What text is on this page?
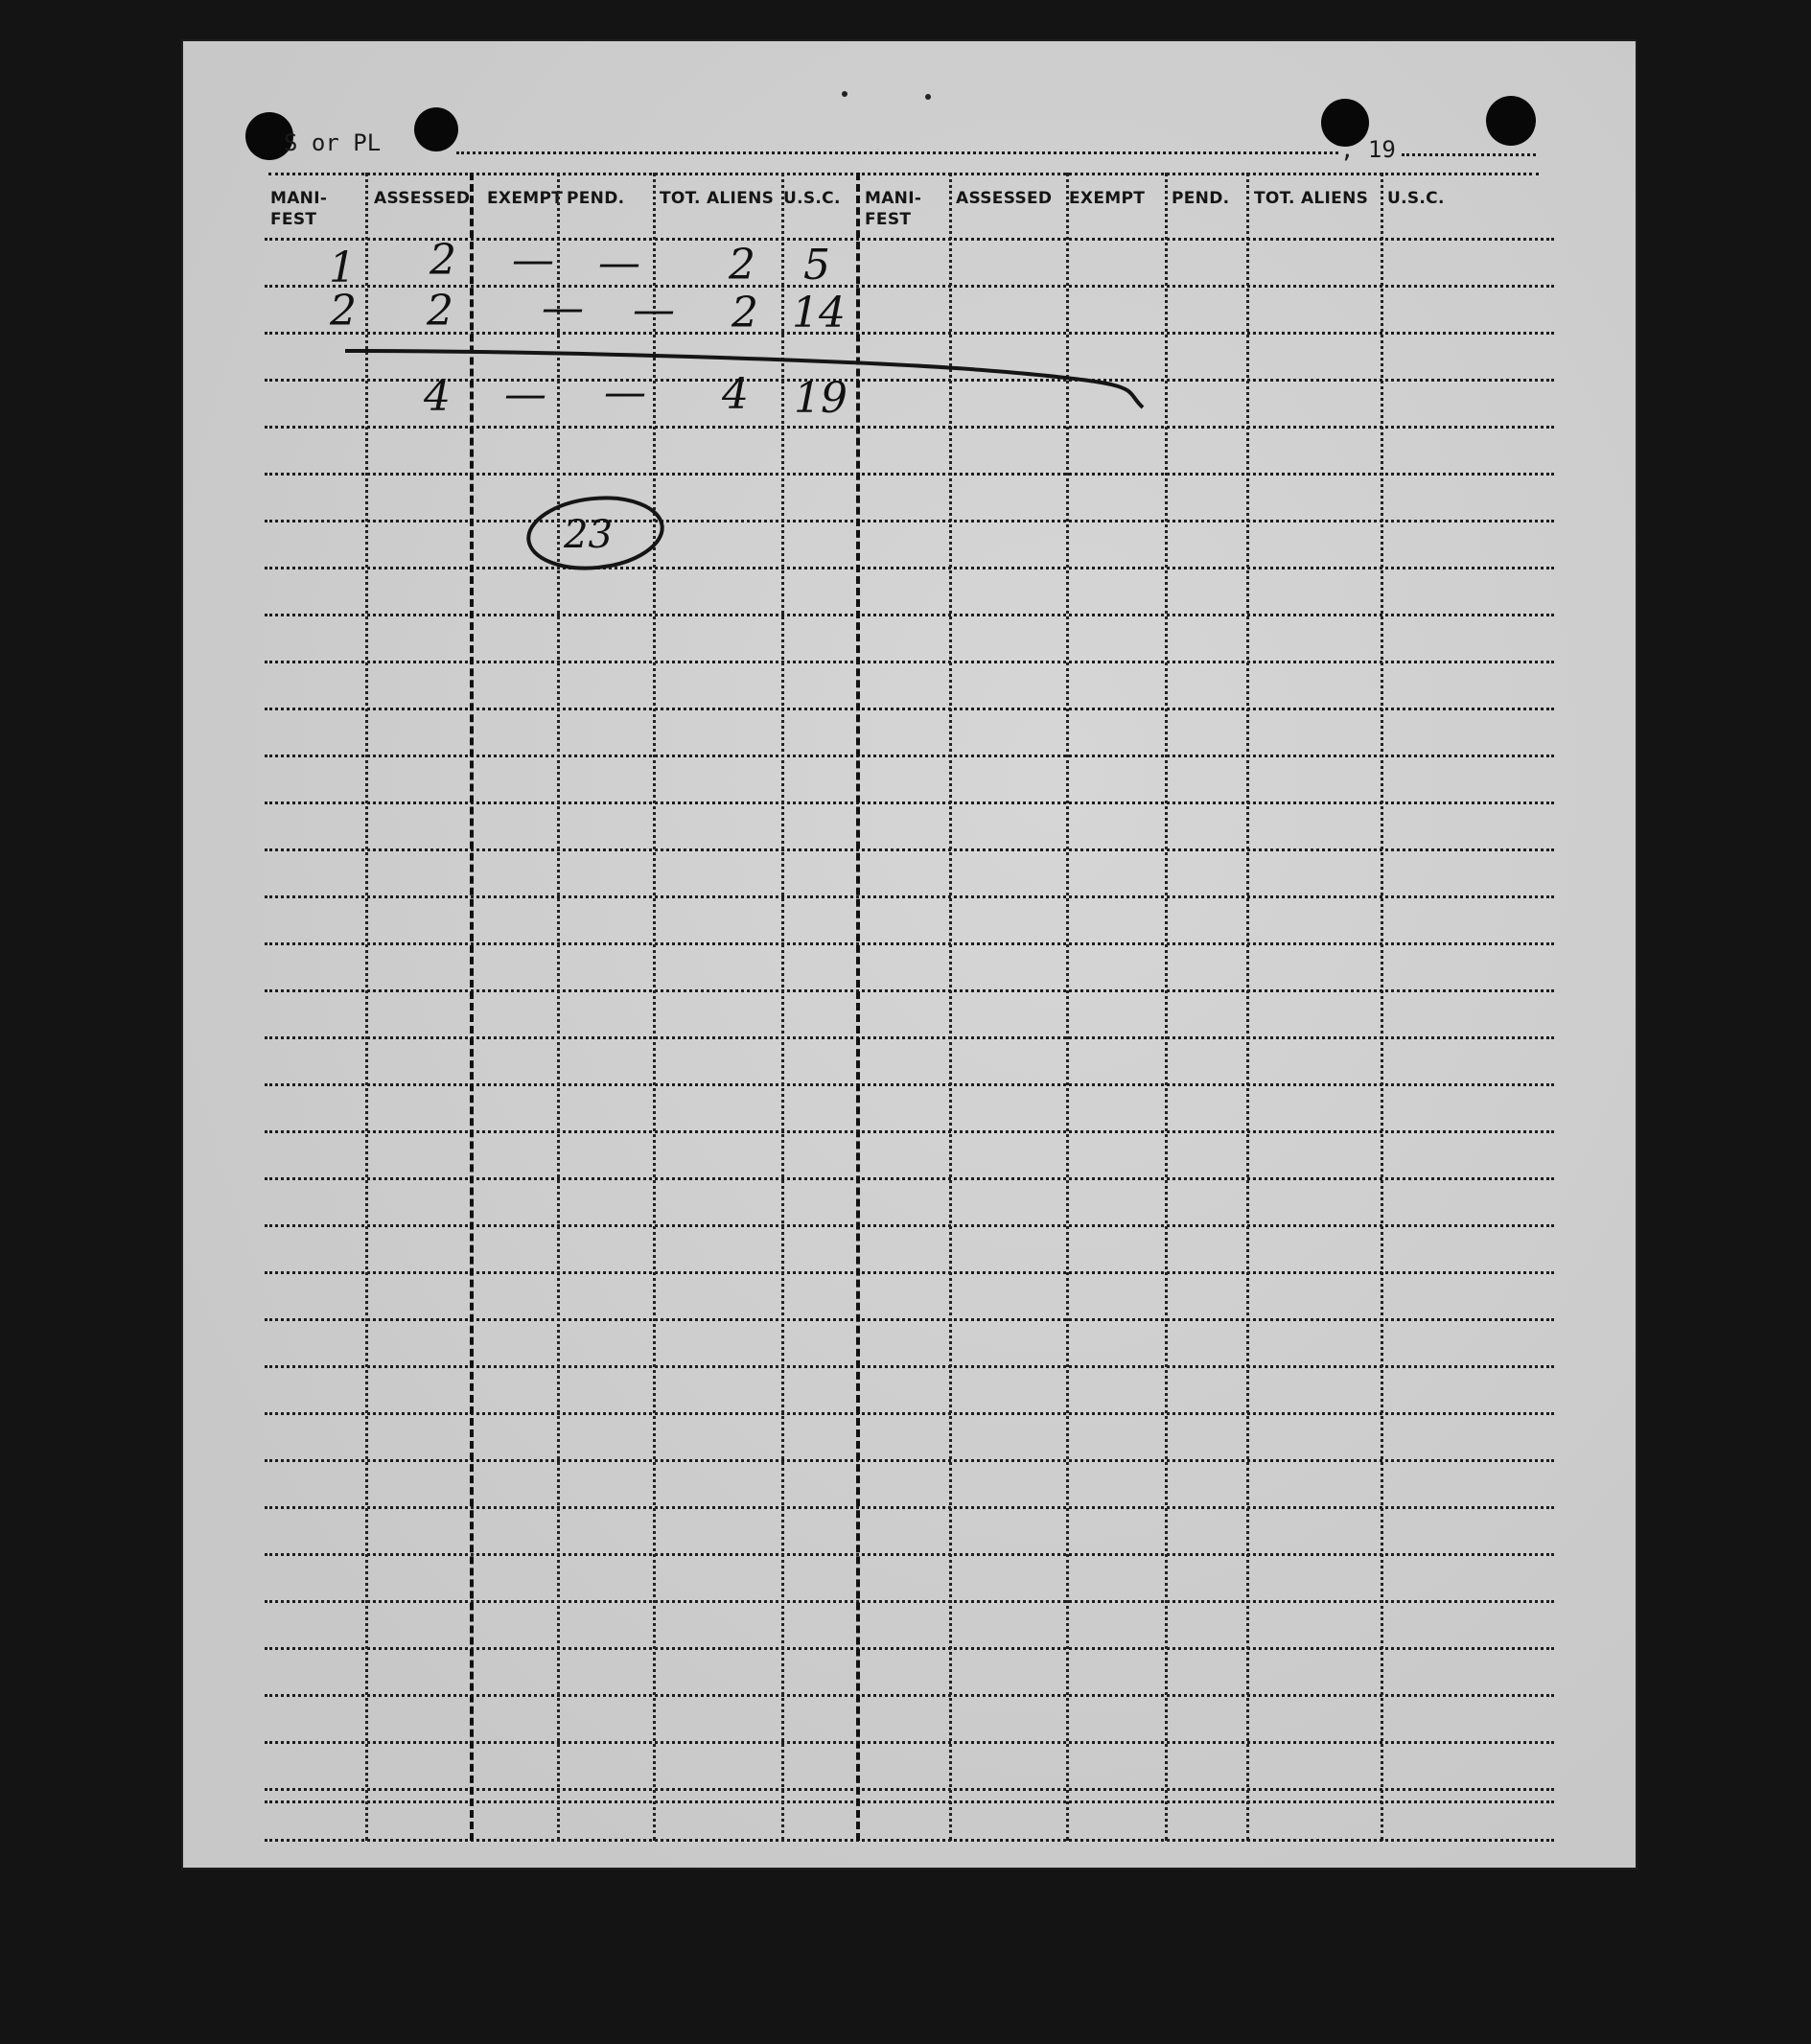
S or PL	, 19
MANI-
FEST
ASSESSED EXEMPT PEND. TOT. ALIENS U.S.C. MANI-
FEST
ASSESSED EXEMPT PEND. TOT. ALIENS U.S.C.
1 2 — — 2 5
2 2 — — 2 14
4 — — 4 19
23
